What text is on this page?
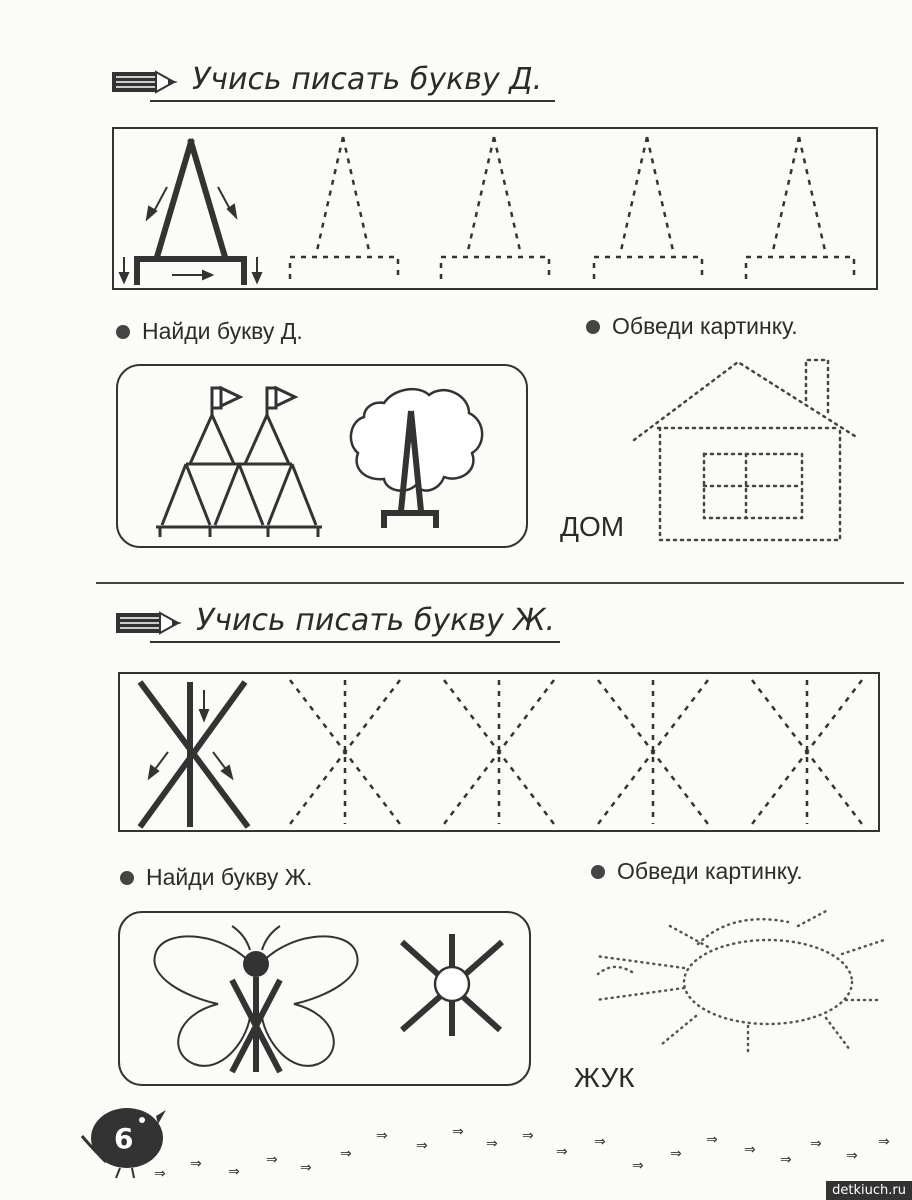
Учись писать букву Д.
Найди букву Д.	Обведи картинку.
ДОМ
Учись писать букву Ж.
Найди букву Ж.	Обведи картинку.
ЖУК
6
⇒
⇒ ⇒
⇒ ⇒
⇒
⇒
⇒
⇒
⇒ ⇒
⇒
⇒
⇒
⇒
⇒
⇒
⇒
⇒
⇒
⇒
detkiuch.ru
